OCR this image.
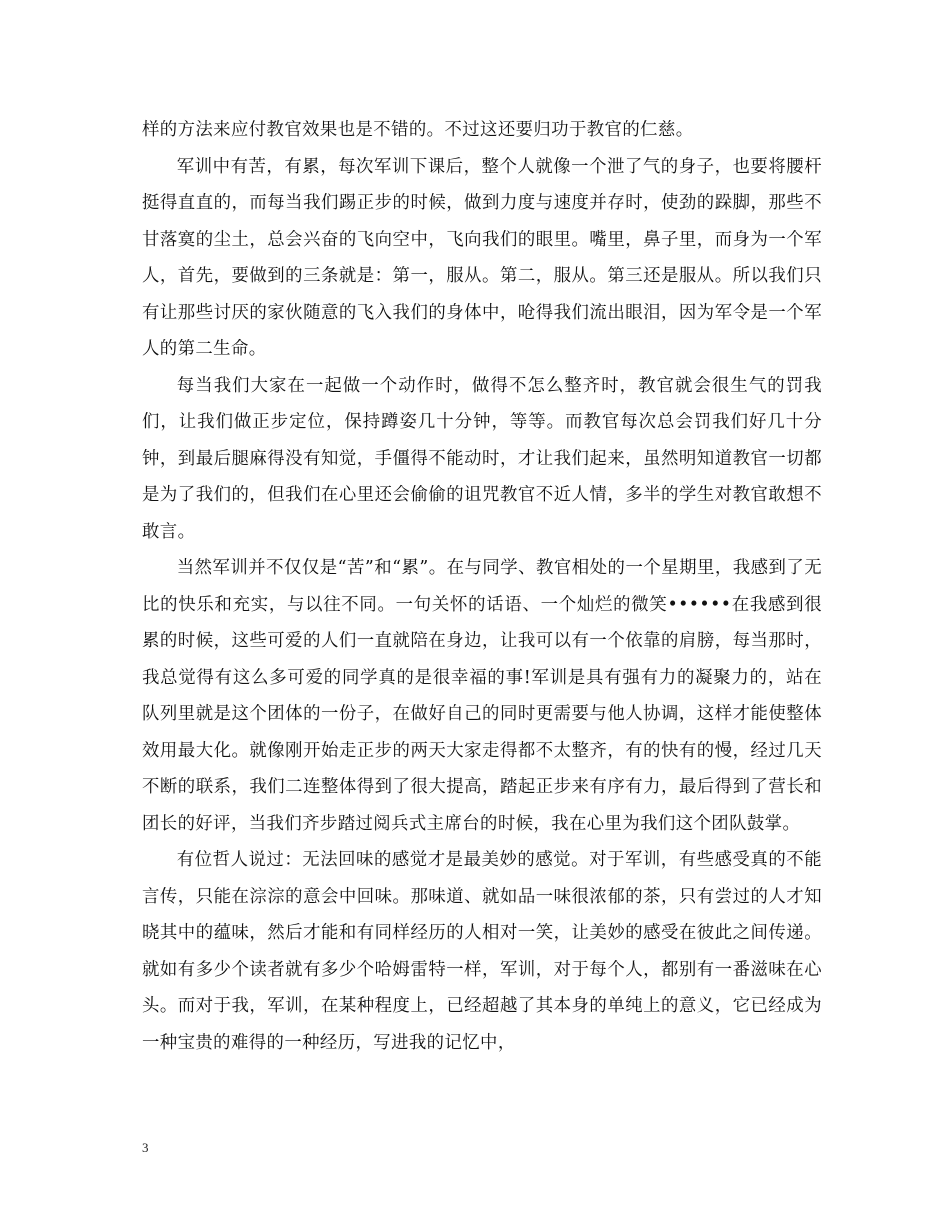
样的方法来应付教官效果也是不错的。不过这还要归功于教官的仁慈。

军训中有苦，有累，每次军训下课后，整个人就像一个泄了气的身子，也要将腰杆挺得直直的，而每当我们踢正步的时候，做到力度与速度并存时，使劲的跺脚，那些不甘落寞的尘土，总会兴奋的飞向空中，飞向我们的眼里。嘴里，鼻子里，而身为一个军人，首先，要做到的三条就是：第一，服从。第二，服从。第三还是服从。所以我们只有让那些讨厌的家伙随意的飞入我们的身体中，呛得我们流出眼泪，因为军令是一个军人的第二生命。

每当我们大家在一起做一个动作时，做得不怎么整齐时，教官就会很生气的罚我们，让我们做正步定位，保持蹲姿几十分钟，等等。而教官每次总会罚我们好几十分钟，到最后腿麻得没有知觉，手僵得不能动时，才让我们起来，虽然明知道教官一切都是为了我们的，但我们在心里还会偷偷的诅咒教官不近人情，多半的学生对教官敢想不敢言。

当然军训并不仅仅是“苦”和“累”。在与同学、教官相处的一个星期里，我感到了无比的快乐和充实，与以往不同。一句关怀的话语、一个灿烂的微笑••••••在我感到很累的时候，这些可爱的人们一直就陪在身边，让我可以有一个依靠的肩膀，每当那时，我总觉得有这么多可爱的同学真的是很幸福的事!军训是具有强有力的凝聚力的，站在队列里就是这个团体的一份子，在做好自己的同时更需要与他人协调，这样才能使整体效用最大化。就像刚开始走正步的两天大家走得都不太整齐，有的快有的慢，经过几天不断的联系，我们二连整体得到了很大提高，踏起正步来有序有力，最后得到了营长和团长的好评，当我们齐步踏过阅兵式主席台的时候，我在心里为我们这个团队鼓掌。

有位哲人说过：无法回味的感觉才是最美妙的感觉。对于军训，有些感受真的不能言传，只能在淙淙的意会中回味。那味道、就如品一味很浓郁的茶，只有尝过的人才知晓其中的蕴味，然后才能和有同样经历的人相对一笑，让美妙的感受在彼此之间传递。就如有多少个读者就有多少个哈姆雷特一样，军训，对于每个人，都别有一番滋味在心头。而对于我，军训，在某种程度上，已经超越了其本身的单纯上的意义，它已经成为一种宝贵的难得的一种经历，写进我的记忆中，

3
